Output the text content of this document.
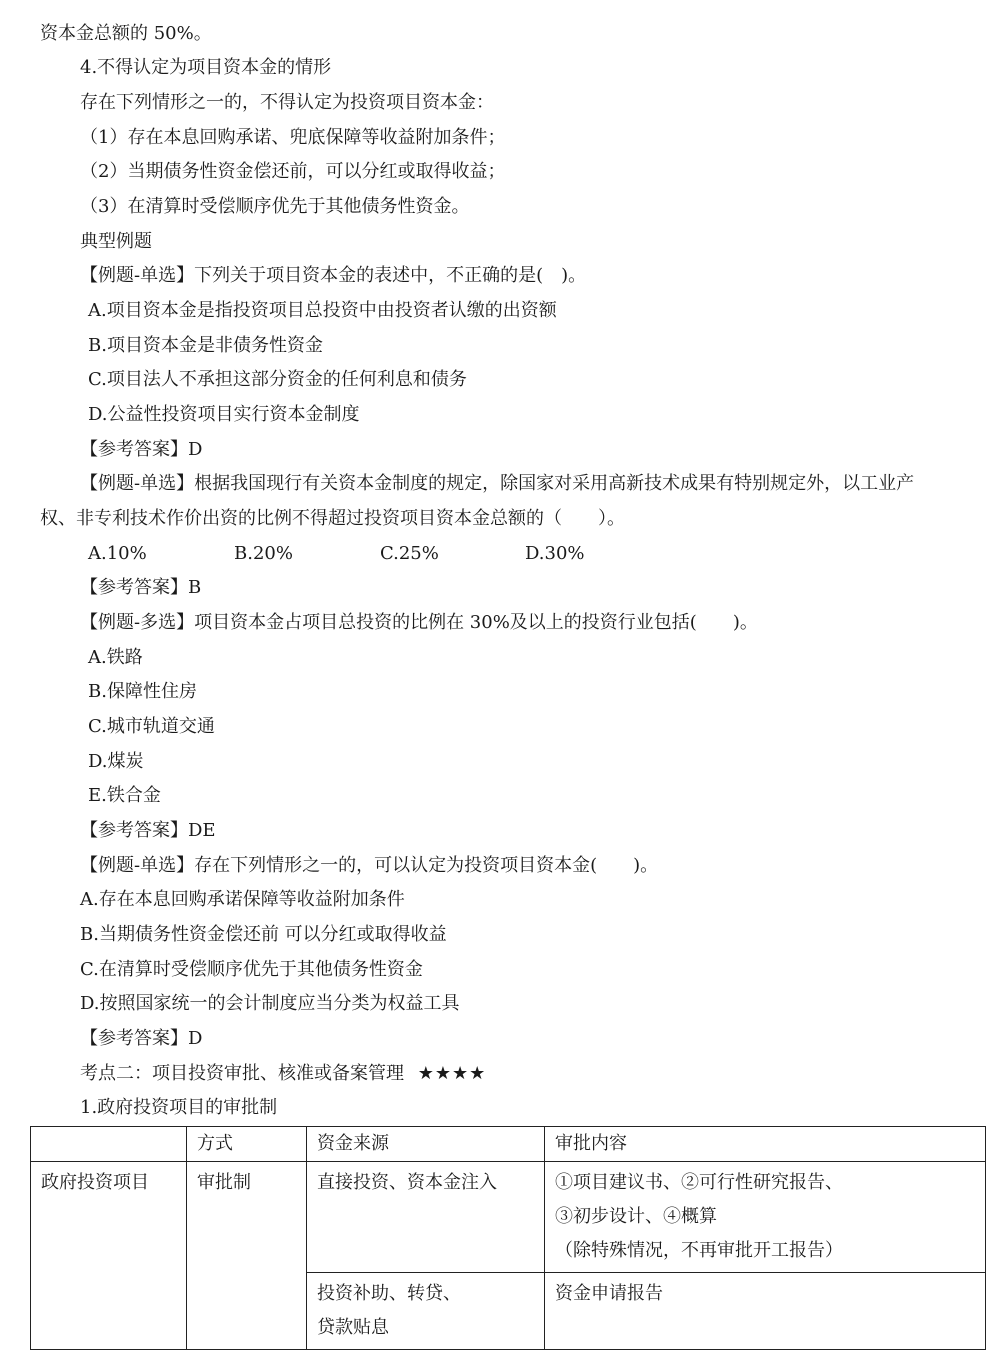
资本金总额的 50%。
4.不得认定为项目资本金的情形
存在下列情形之一的，不得认定为投资项目资本金：
（1）存在本息回购承诺、兜底保障等收益附加条件；
（2）当期债务性资金偿还前，可以分红或取得收益；
（3）在清算时受偿顺序优先于其他债务性资金。
典型例题
【例题-单选】下列关于项目资本金的表述中，不正确的是(　)。
A.项目资本金是指投资项目总投资中由投资者认缴的出资额
B.项目资本金是非债务性资金
C.项目法人不承担这部分资金的任何利息和债务
D.公益性投资项目实行资本金制度
【参考答案】D
【例题-单选】根据我国现行有关资本金制度的规定，除国家对采用高新技术成果有特别规定外，以工业产
权、非专利技术作价出资的比例不得超过投资项目资本金总额的（　　）。
A.10%	B.20%	C.25%	D.30%
【参考答案】B
【例题-多选】项目资本金占项目总投资的比例在 30%及以上的投资行业包括(　　)。
A.铁路
B.保障性住房
C.城市轨道交通
D.煤炭
E.铁合金
【参考答案】DE
【例题-单选】存在下列情形之一的，可以认定为投资项目资本金(　　)。
A.存在本息回购承诺保障等收益附加条件
B.当期债务性资金偿还前 可以分红或取得收益
C.在清算时受偿顺序优先于其他债务性资金
D.按照国家统一的会计制度应当分类为权益工具
【参考答案】D
考点二：项目投资审批、核准或备案管理 ★★★★
1.政府投资项目的审批制
	方式	资金来源	审批内容
政府投资项目	审批制	直接投资、资本金注入	①项目建议书、②可行性研究报告、
③初步设计、④概算
（除特殊情况，不再审批开工报告）

		投资补助、转贷、
贷款贴息	资金申请报告
